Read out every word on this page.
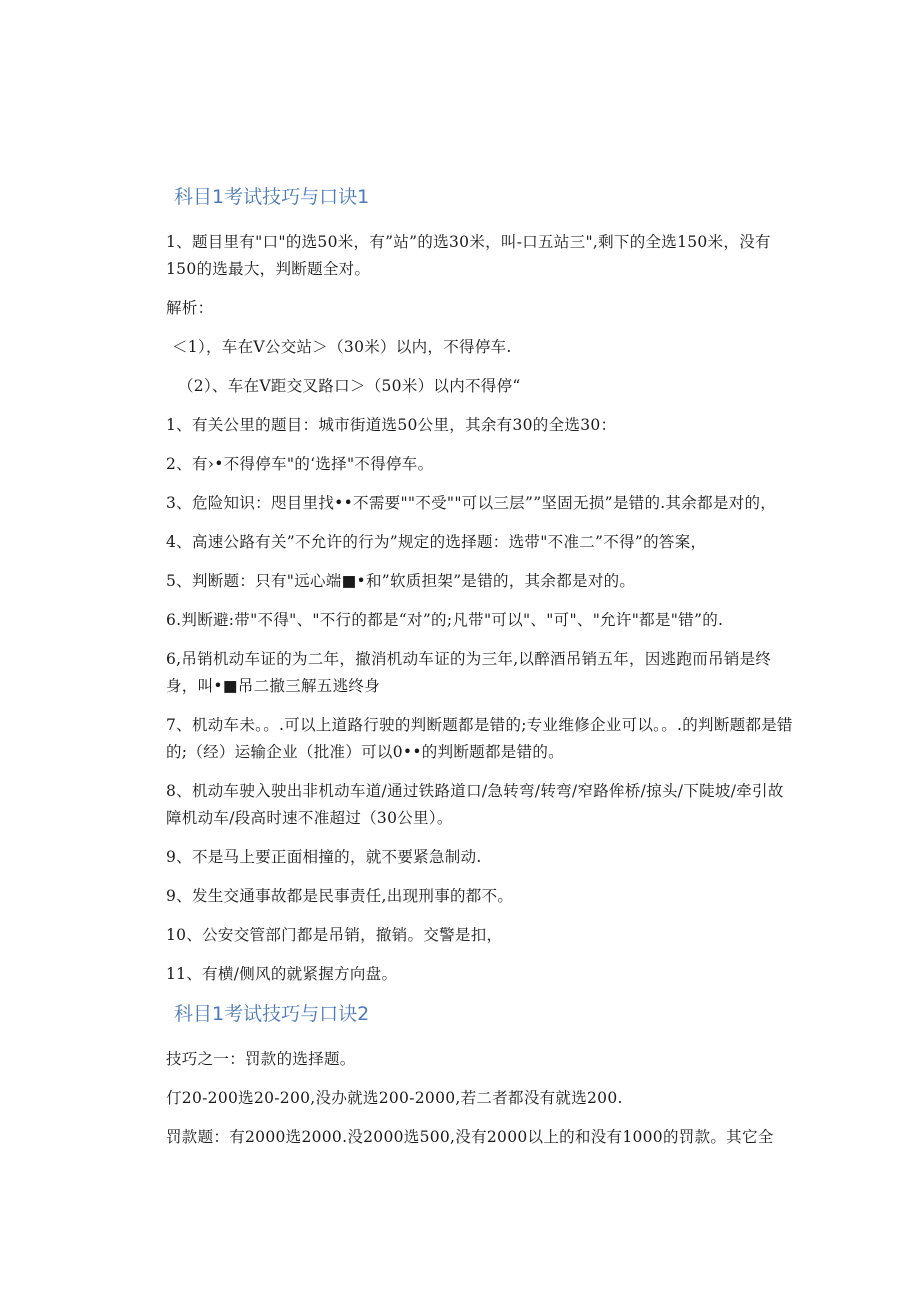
科目1考试技巧与口诀1

1、题目里有"口"的选50米，有”站”的选30米，叫-口五站三",剩下的全选150米，没有150的选最大，判断题全对。

解析：

＜1），车在V公交站＞（30米）以内，不得停车.

（2）、车在V距交叉路口＞（50米）以内不得停“

1、有关公里的题目：城市街道选50公里，其余有30的全选30：

2、有›•不得停车"的‘选择"不得停车。

3、危险知识：咫目里找••不需要""不受""可以三层””坚固无损”是错的.其余都是对的，

4、高速公路有关”不允许的行为”规定的选择题：选带"不准二”不得”的答案，

5、判断题：只有"远心端■•和”软质担架”是错的，其余都是对的。

6.判断避:带"不得"、"不行的都是“对”的;凡带"可以"、"可"、"允许"都是"错”的.

6,吊销机动车证的为二年，撤消机动车证的为三年,以醉酒吊销五年，因逃跑而吊销是终身，叫•■吊二撤三解五逃终身

7、机动车未。。.可以上道路行驶的判断题都是错的;专业维修企业可以。。.的判断题都是错的;（经）运输企业（批准）可以0••的判断题都是错的。

8、机动车驶入驶出非机动车道/通过铁路道口/急转弯/转弯/窄路侔桥/掠头/下陡坡/牵引故障机动车/段高时速不准超过（30公里）。

9、不是马上要正面相撞的，就不要紧急制动.

9、发生交通事故都是民事责任,出现刑事的都不。

10、公安交管部门都是吊销，撤销。交警是扣，

11、有横/侧风的就紧握方向盘。

科目1考试技巧与口诀2

技巧之一：罚款的选择题。

仃20-200选20-200,没办就选200-2000,若二者都没有就选200.

罚款题：有2000选2000.没2000选500,没有2000以上的和没有1000的罚款。其它全
